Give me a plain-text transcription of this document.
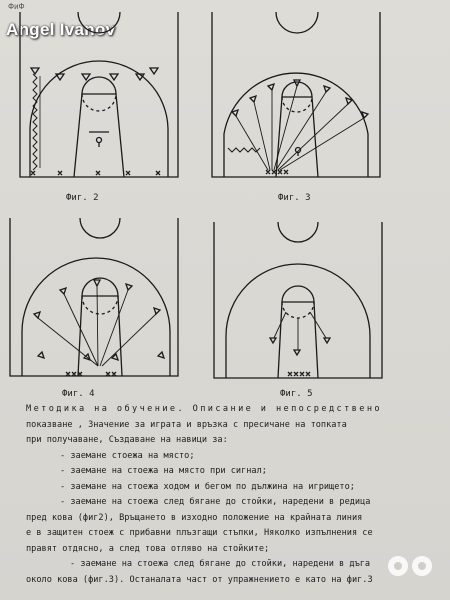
ФиФ
Angel Ivanov
Фиг. 2	Фиг. 3
Фиг. 4	Фиг. 5
Методика на обучение. Описание и непосредствено
показване , Значение за играта и връзка с пресичане на топката
при получаване, Създаване на навици за:
- заемане стоежа на място;
- заемане на стоежа на място при сигнал;
- заемане на стоежа ходом и бегом по дължина на игрището;
- заемане на стоежа след бягане до стойки, наредени в редица
пред кова (фиг2), Връщането в изходно положение на крайната линия
е в защитен стоеж с прибавни плъзгащи стъпки, Няколко изпълнения се
правят отдясно, а след това отляво на стойките;
- заемане на стоежа след бягане до стойки, наредени в дъга
около кова (фиг.3). Останалата част от упражнението е като на фиг.3
